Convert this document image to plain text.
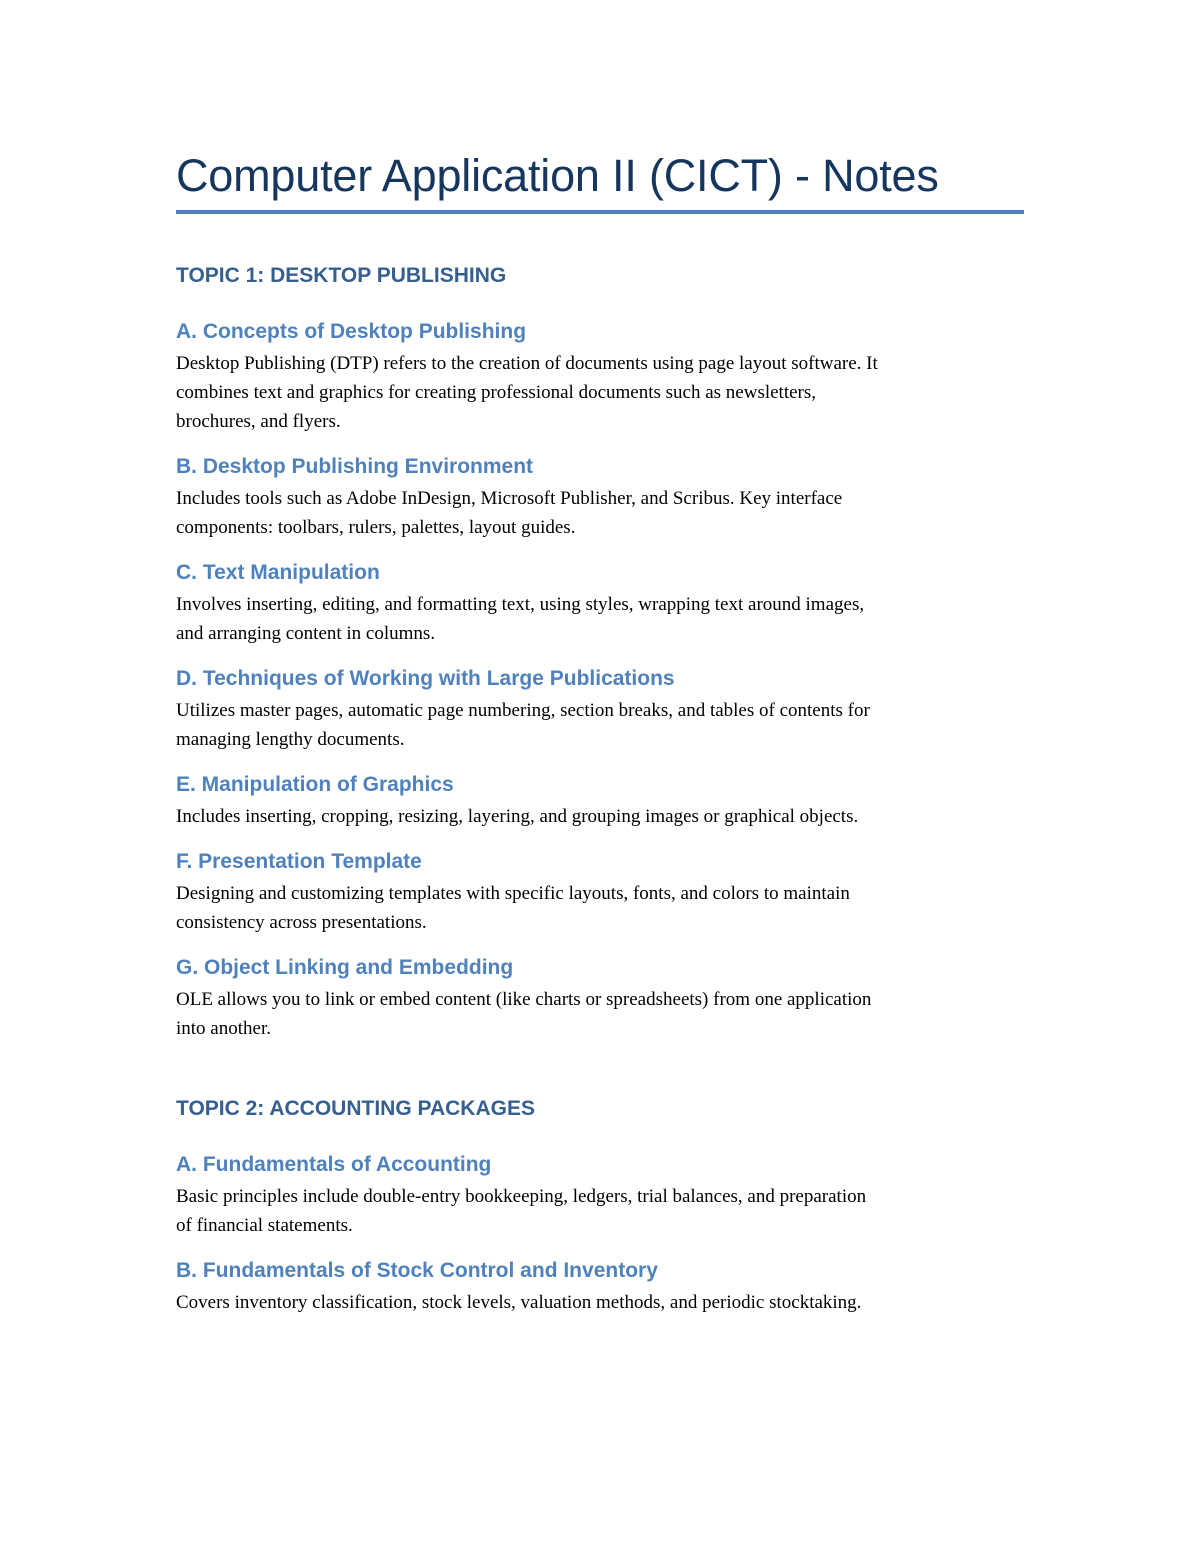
Computer Application II (CICT) - Notes
TOPIC 1: DESKTOP PUBLISHING
A. Concepts of Desktop Publishing

Desktop Publishing (DTP) refers to the creation of documents using page layout software. It
combines text and graphics for creating professional documents such as newsletters,
brochures, and flyers.

B. Desktop Publishing Environment

Includes tools such as Adobe InDesign, Microsoft Publisher, and Scribus. Key interface
components: toolbars, rulers, palettes, layout guides.

C. Text Manipulation

Involves inserting, editing, and formatting text, using styles, wrapping text around images,
and arranging content in columns.

D. Techniques of Working with Large Publications

Utilizes master pages, automatic page numbering, section breaks, and tables of contents for
managing lengthy documents.

E. Manipulation of Graphics

Includes inserting, cropping, resizing, layering, and grouping images or graphical objects.

F. Presentation Template

Designing and customizing templates with specific layouts, fonts, and colors to maintain
consistency across presentations.

G. Object Linking and Embedding

OLE allows you to link or embed content (like charts or spreadsheets) from one application
into another.

TOPIC 2: ACCOUNTING PACKAGES
A. Fundamentals of Accounting

Basic principles include double-entry bookkeeping, ledgers, trial balances, and preparation
of financial statements.

B. Fundamentals of Stock Control and Inventory

Covers inventory classification, stock levels, valuation methods, and periodic stocktaking.
